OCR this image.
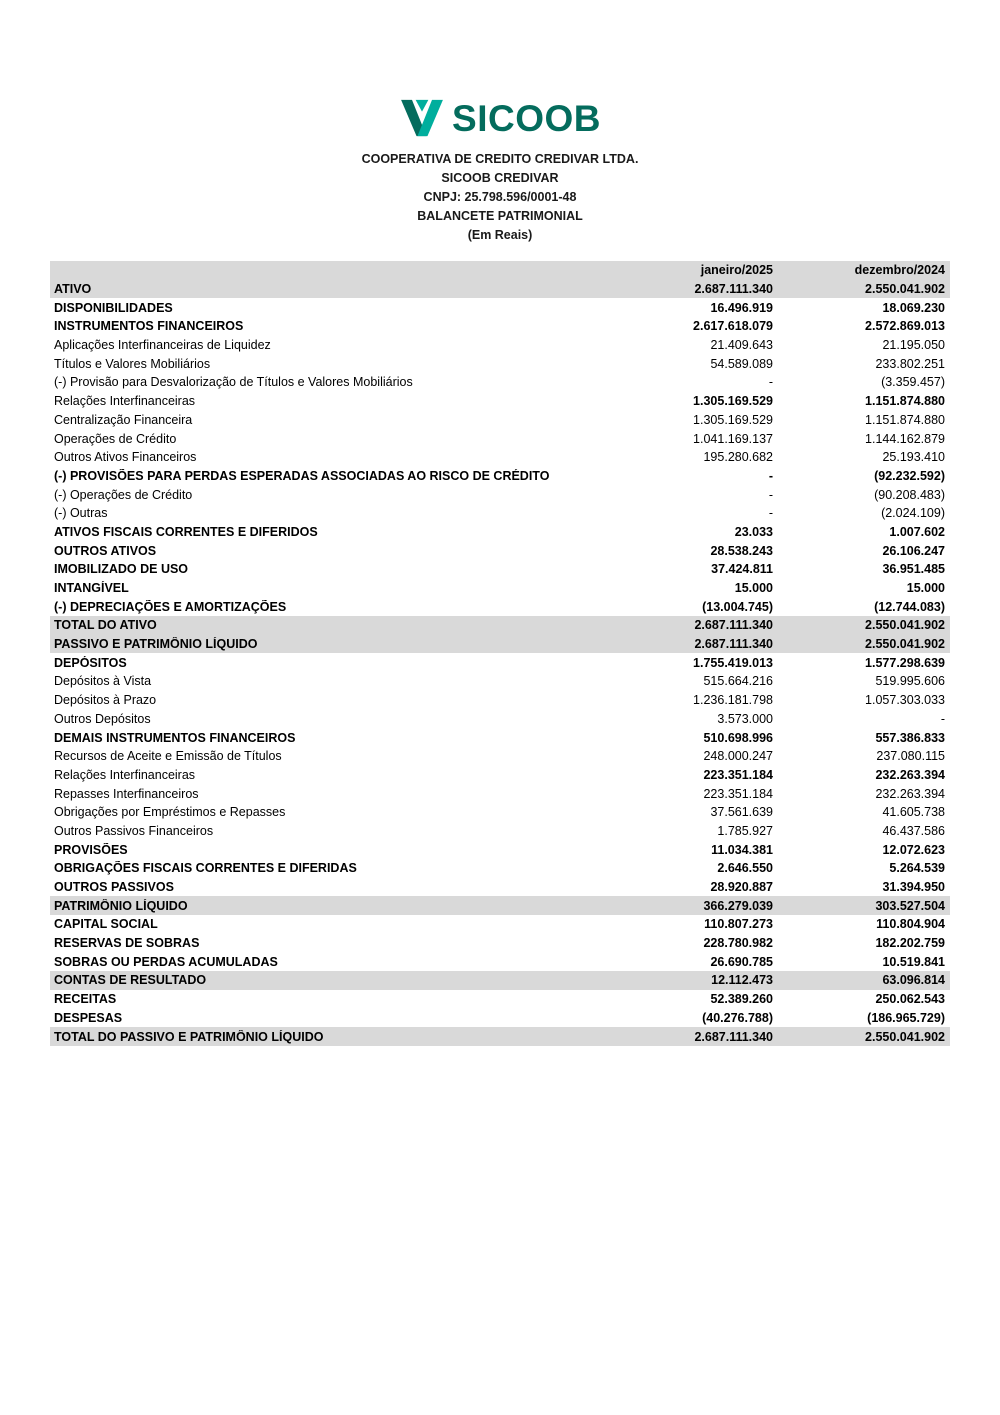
SICOOB
COOPERATIVA DE CREDITO CREDIVAR LTDA.
SICOOB CREDIVAR
CNPJ: 25.798.596/0001-48
BALANCETE PATRIMONIAL
(Em Reais)
janeiro/2025	dezembro/2024
ATIVO	2.687.111.340	2.550.041.902
DISPONIBILIDADES	16.496.919	18.069.230
INSTRUMENTOS FINANCEIROS	2.617.618.079	2.572.869.013
Aplicações Interfinanceiras de Liquidez	21.409.643	21.195.050
Títulos e Valores Mobiliários	54.589.089	233.802.251
(-) Provisão para Desvalorização de Títulos e Valores Mobiliários	-	(3.359.457)
Relações Interfinanceiras	1.305.169.529	1.151.874.880
Centralização Financeira	1.305.169.529	1.151.874.880
Operações de Crédito	1.041.169.137	1.144.162.879
Outros Ativos Financeiros	195.280.682	25.193.410
(-) PROVISÕES PARA PERDAS ESPERADAS ASSOCIADAS AO RISCO DE CRÉDITO	-	(92.232.592)
(-) Operações de Crédito	-	(90.208.483)
(-) Outras	-	(2.024.109)
ATIVOS FISCAIS CORRENTES E DIFERIDOS	23.033	1.007.602
OUTROS ATIVOS	28.538.243	26.106.247
IMOBILIZADO DE USO	37.424.811	36.951.485
INTANGÍVEL	15.000	15.000
(-) DEPRECIAÇÕES E AMORTIZAÇÕES	(13.004.745)	(12.744.083)
TOTAL DO ATIVO	2.687.111.340	2.550.041.902
PASSIVO E PATRIMÔNIO LÍQUIDO	2.687.111.340	2.550.041.902
DEPÓSITOS	1.755.419.013	1.577.298.639
Depósitos à Vista	515.664.216	519.995.606
Depósitos à Prazo	1.236.181.798	1.057.303.033
Outros Depósitos	3.573.000	-
DEMAIS INSTRUMENTOS FINANCEIROS	510.698.996	557.386.833
Recursos de Aceite e Emissão de Títulos	248.000.247	237.080.115
Relações Interfinanceiras	223.351.184	232.263.394
Repasses Interfinanceiros	223.351.184	232.263.394
Obrigações por Empréstimos e Repasses	37.561.639	41.605.738
Outros Passivos Financeiros	1.785.927	46.437.586
PROVISÕES	11.034.381	12.072.623
OBRIGAÇÕES FISCAIS CORRENTES E DIFERIDAS	2.646.550	5.264.539
OUTROS PASSIVOS	28.920.887	31.394.950
PATRIMÔNIO LÍQUIDO	366.279.039	303.527.504
CAPITAL SOCIAL	110.807.273	110.804.904
RESERVAS DE SOBRAS	228.780.982	182.202.759
SOBRAS OU PERDAS ACUMULADAS	26.690.785	10.519.841
CONTAS DE RESULTADO	12.112.473	63.096.814
RECEITAS	52.389.260	250.062.543
DESPESAS	(40.276.788)	(186.965.729)
TOTAL DO PASSIVO E PATRIMÔNIO LÍQUIDO	2.687.111.340	2.550.041.902
